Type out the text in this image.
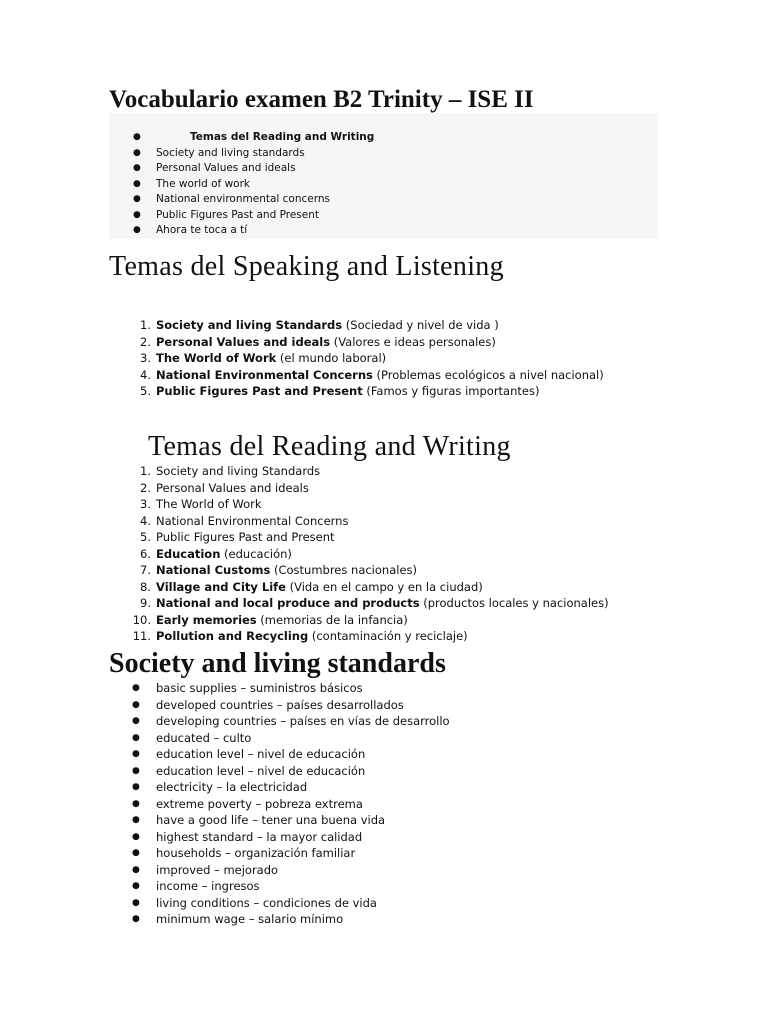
Vocabulario examen B2 Trinity – ISE II
●	Temas del Reading and Writing
● Society and living standards
● Personal Values and ideals
● The world of work
● National environmental concerns
● Public Figures Past and Present
● Ahora te toca a tí
Temas del Speaking and Listening
1. Society and living Standards (Sociedad y nivel de vida )
2. Personal Values and ideals (Valores e ideas personales)
3. The World of Work (el mundo laboral)
4. National Environmental Concerns (Problemas ecológicos a nivel nacional)
5. Public Figures Past and Present (Famos y figuras importantes)
Temas del Reading and Writing
1. Society and living Standards
2. Personal Values and ideals
3. The World of Work
4. National Environmental Concerns
5. Public Figures Past and Present
6. Education (educación)
7. National Customs (Costumbres nacionales)
8. Village and City Life (Vida en el campo y en la ciudad)
9. National and local produce and products (productos locales y nacionales)
10. Early memories (memorias de la infancia)
11. Pollution and Recycling (contaminación y reciclaje)
Society and living standards
● basic supplies – suministros básicos
● developed countries – países desarrollados
● developing countries – países en vías de desarrollo
● educated – culto
● education level – nivel de educación
● education level – nivel de educación
● electricity – la electricidad
● extreme poverty – pobreza extrema
● have a good life – tener una buena vida
● highest standard – la mayor calidad
● households – organización familiar
● improved – mejorado
● income – ingresos
● living conditions – condiciones de vida
● minimum wage – salario mínimo
